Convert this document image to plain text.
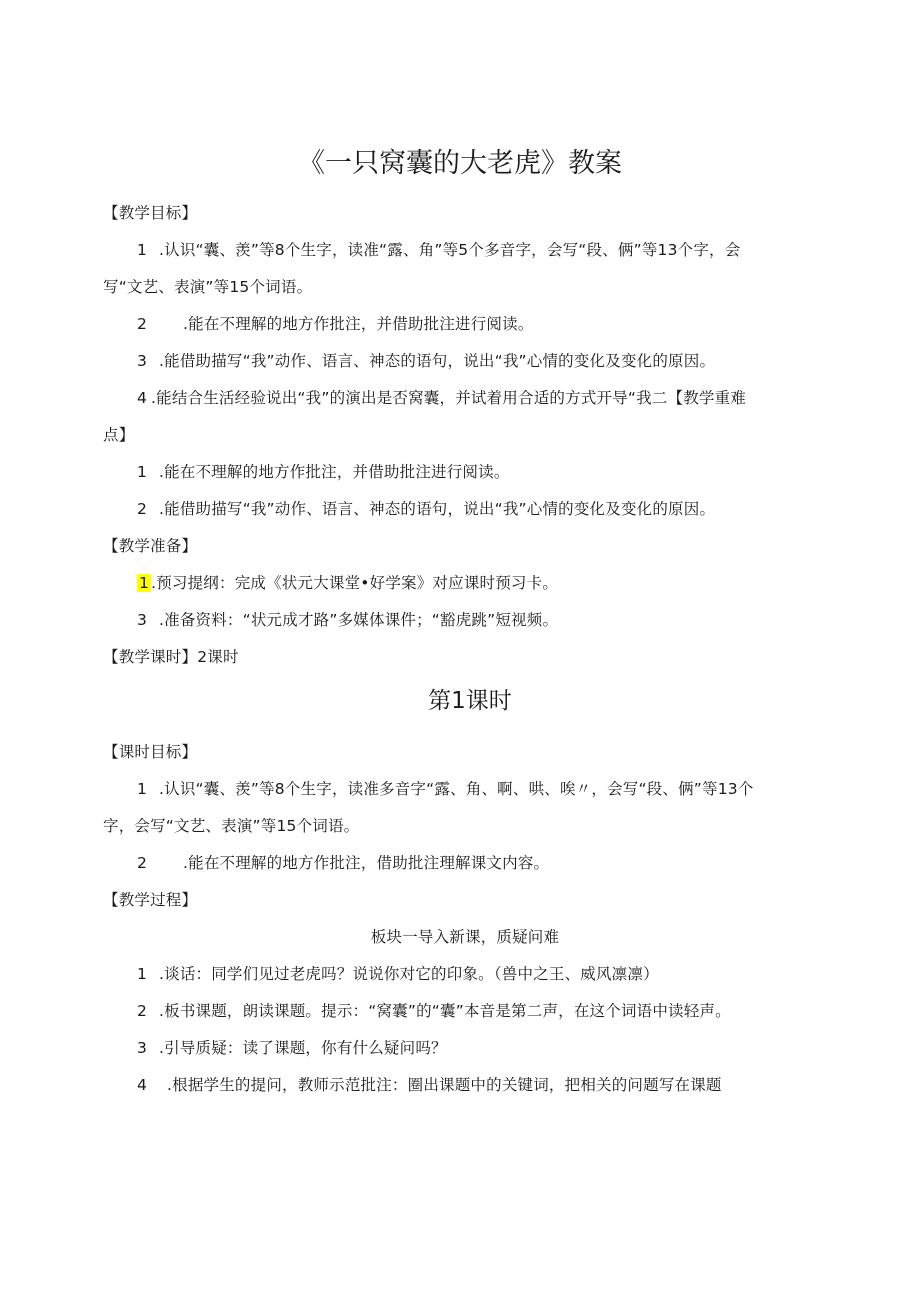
《一只窝囊的大老虎》教案
【教学目标】
1 .认识“囊、羡”等8个生字，读准“露、角”等5个多音字，会写“段、俩”等13个字，会
写“文艺、表演”等15个词语。
2 .能在不理解的地方作批注，并借助批注进行阅读。
3 .能借助描写“我”动作、语言、神态的语句，说出“我”心情的变化及变化的原因。
4 .能结合生活经验说出“我”的演出是否窝囊，并试着用合适的方式开导“我二【教学重难
点】
1 .能在不理解的地方作批注，并借助批注进行阅读。
2 .能借助描写“我”动作、语言、神态的语句，说出“我”心情的变化及变化的原因。
【教学准备】
1 .预习提纲：完成《状元大课堂•好学案》对应课时预习卡。
3 .准备资料：“状元成才路”多媒体课件；“豁虎跳”短视频。
【教学课时】2课时
第1课时
【课时目标】
1 .认识“囊、羡”等8个生字，读准多音字“露、角、啊、哄、唉〃，会写“段、俩”等13个
字，会写“文艺、表演”等15个词语。
2 .能在不理解的地方作批注，借助批注理解课文内容。
【教学过程】
板块一导入新课，质疑问难
1 .谈话：同学们见过老虎吗？说说你对它的印象。（兽中之王、威风凛凛）
2 .板书课题，朗读课题。提示：“窝囊”的“囊”本音是第二声，在这个词语中读轻声。
3 .引导质疑：读了课题，你有什么疑问吗？
4 .根据学生的提问，教师示范批注：圈出课题中的关键词，把相关的问题写在课题
